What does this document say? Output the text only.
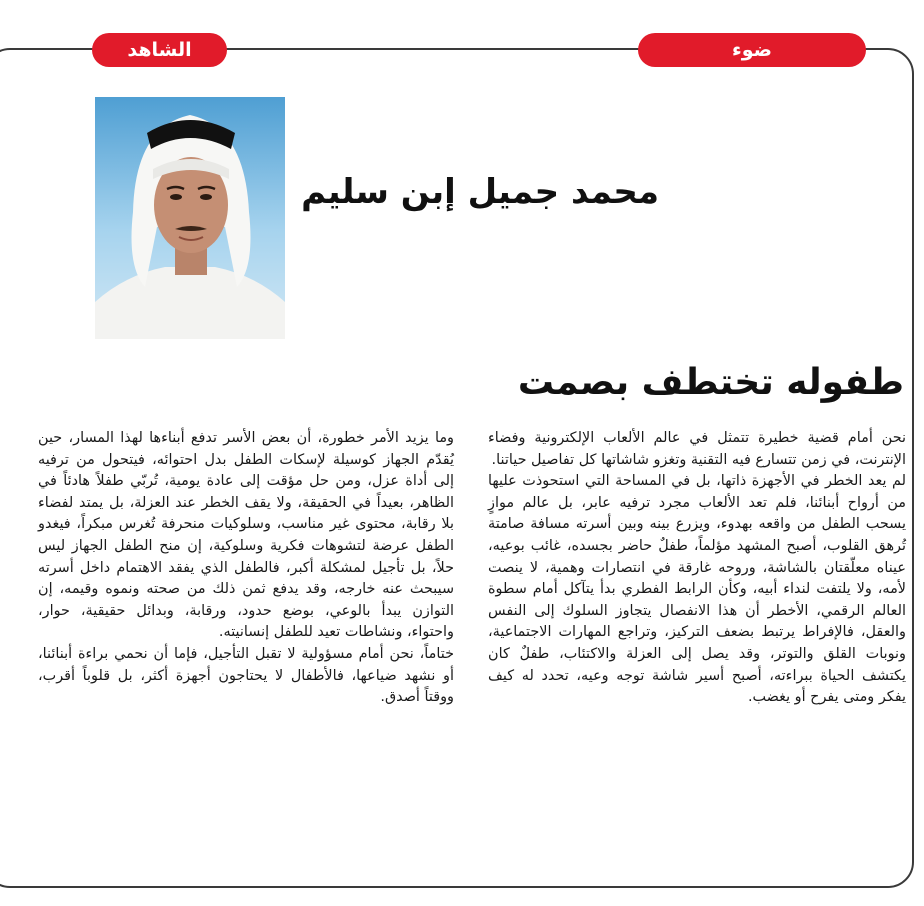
الشاهد	ضوء
محمد جميل إبن سليم
طفوله تختطف بصمت

نحن أمام قضية خطيرة تتمثل في عالم الألعاب الإلكترونية وفضاء الإنترنت، في زمن تتسارع فيه التقنية وتغزو شاشاتها كل تفاصيل حياتنا.

لم يعد الخطر في الأجهزة ذاتها، بل في المساحة التي استحوذت عليها من أرواح أبنائنا، فلم تعد الألعاب مجرد ترفيه عابر، بل عالم موازٍ يسحب الطفل من واقعه بهدوء، ويزرع بينه وبين أسرته مسافة صامتة تُرهق القلوب، أصبح المشهد مؤلماً، طفلٌ حاضر بجسده، غائب بوعيه، عيناه معلّقتان بالشاشة، وروحه غارقة في انتصارات وهمية، لا ينصت لأمه، ولا يلتفت لنداء أبيه، وكأن الرابط الفطري بدأ يتآكل أمام سطوة العالم الرقمي، الأخطر أن هذا الانفصال يتجاوز السلوك إلى النفس والعقل، فالإفراط يرتبط بضعف التركيز، وتراجع المهارات الاجتماعية، ونوبات القلق والتوتر، وقد يصل إلى العزلة والاكتئاب، طفلٌ كان يكتشف الحياة ببراءته، أصبح أسير شاشة توجه وعيه، تحدد له كيف يفكر ومتى يفرح أو يغضب.

وما يزيد الأمر خطورة، أن بعض الأسر تدفع أبناءها لهذا المسار، حين يُقدّم الجهاز كوسيلة لإسكات الطفل بدل احتوائه، فيتحول من ترفيه إلى أداة عزل، ومن حل مؤقت إلى عادة يومية، تُربّي طفلاً هادئاً في الظاهر، بعيداً في الحقيقة، ولا يقف الخطر عند العزلة، بل يمتد لفضاء بلا رقابة، محتوى غير مناسب، وسلوكيات منحرفة تُغرس مبكراً، فيغدو الطفل عرضة لتشوهات فكرية وسلوكية، إن منح الطفل الجهاز ليس حلاً، بل تأجيل لمشكلة أكبر، فالطفل الذي يفقد الاهتمام داخل أسرته سيبحث عنه خارجه، وقد يدفع ثمن ذلك من صحته ونموه وقيمه، إن التوازن يبدأ بالوعي، بوضع حدود، ورقابة، وبدائل حقيقية، حوار، واحتواء، ونشاطات تعيد للطفل إنسانيته.

ختاماً، نحن أمام مسؤولية لا تقبل التأجيل، فإما أن نحمي براءة أبنائنا، أو نشهد ضياعها، فالأطفال لا يحتاجون أجهزة أكثر، بل قلوباً أقرب، ووقتاً أصدق.
